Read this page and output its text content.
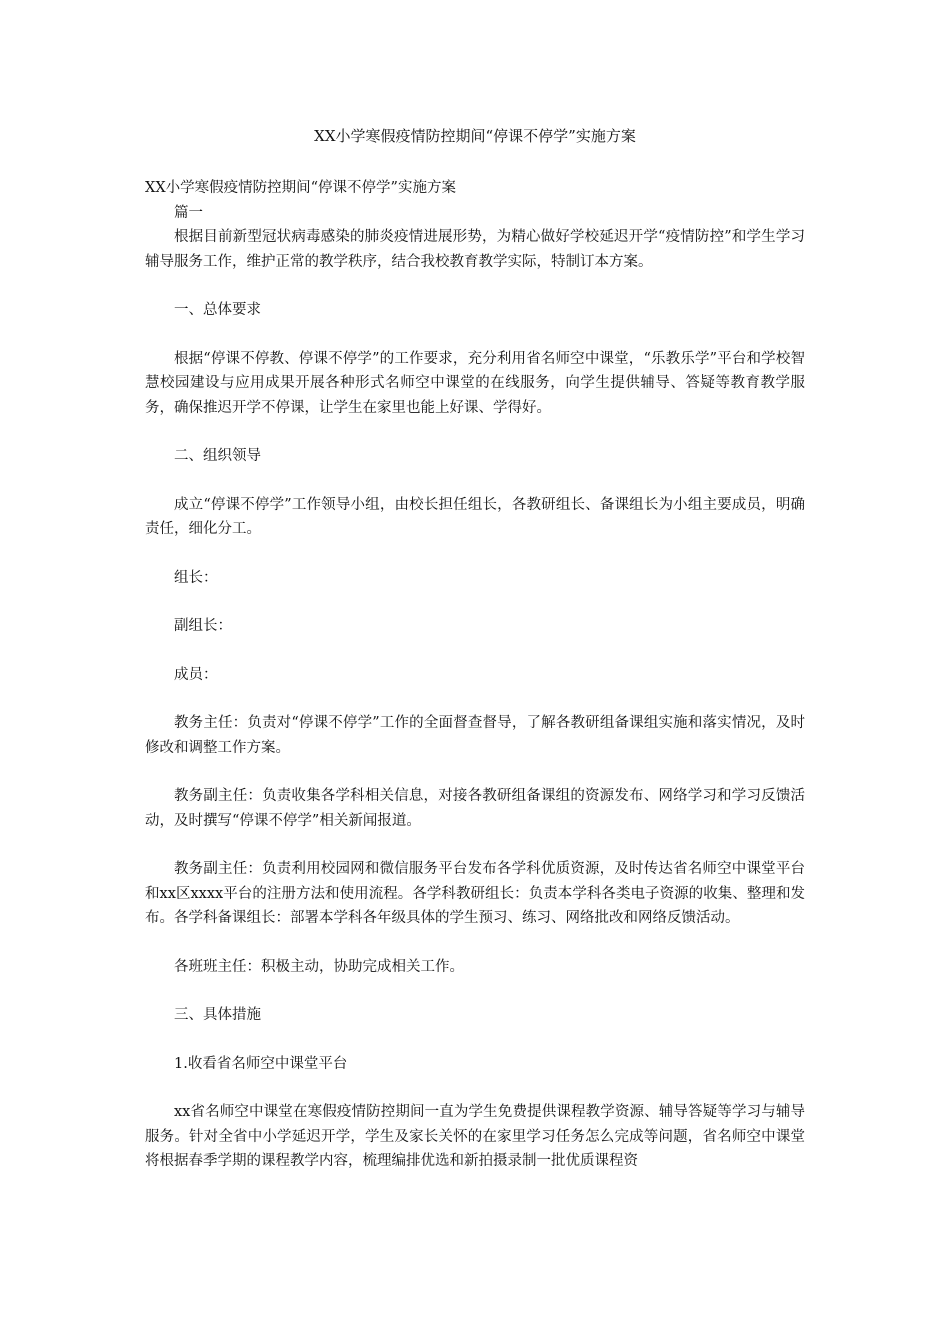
XX小学寒假疫情防控期间“停课不停学”实施方案

XX小学寒假疫情防控期间“停课不停学”实施方案

篇一

根据目前新型冠状病毒感染的肺炎疫情进展形势，为精心做好学校延迟开学“疫情防控”和学生学习辅导服务工作，维护正常的教学秩序，结合我校教育教学实际，特制订本方案。

一、总体要求

根据“停课不停教、停课不停学”的工作要求，充分利用省名师空中课堂，“乐教乐学”平台和学校智慧校园建设与应用成果开展各种形式名师空中课堂的在线服务，向学生提供辅导、答疑等教育教学服务，确保推迟开学不停课，让学生在家里也能上好课、学得好。

二、组织领导

成立“停课不停学”工作领导小组，由校长担任组长，各教研组长、备课组长为小组主要成员，明确责任，细化分工。

组长：

副组长：

成员：

教务主任：负责对“停课不停学”工作的全面督查督导，了解各教研组备课组实施和落实情况，及时修改和调整工作方案。

教务副主任：负责收集各学科相关信息，对接各教研组备课组的资源发布、网络学习和学习反馈活动，及时撰写“停课不停学”相关新闻报道。

教务副主任：负责利用校园网和微信服务平台发布各学科优质资源，及时传达省名师空中课堂平台和xx区xxxx平台的注册方法和使用流程。各学科教研组长：负责本学科各类电子资源的收集、整理和发布。各学科备课组长：部署本学科各年级具体的学生预习、练习、网络批改和网络反馈活动。

各班班主任：积极主动，协助完成相关工作。

三、具体措施

1.收看省名师空中课堂平台

xx省名师空中课堂在寒假疫情防控期间一直为学生免费提供课程教学资源、辅导答疑等学习与辅导服务。针对全省中小学延迟开学，学生及家长关怀的在家里学习任务怎么完成等问题，省名师空中课堂将根据春季学期的课程教学内容，梳理编排优选和新拍摄录制一批优质课程资
